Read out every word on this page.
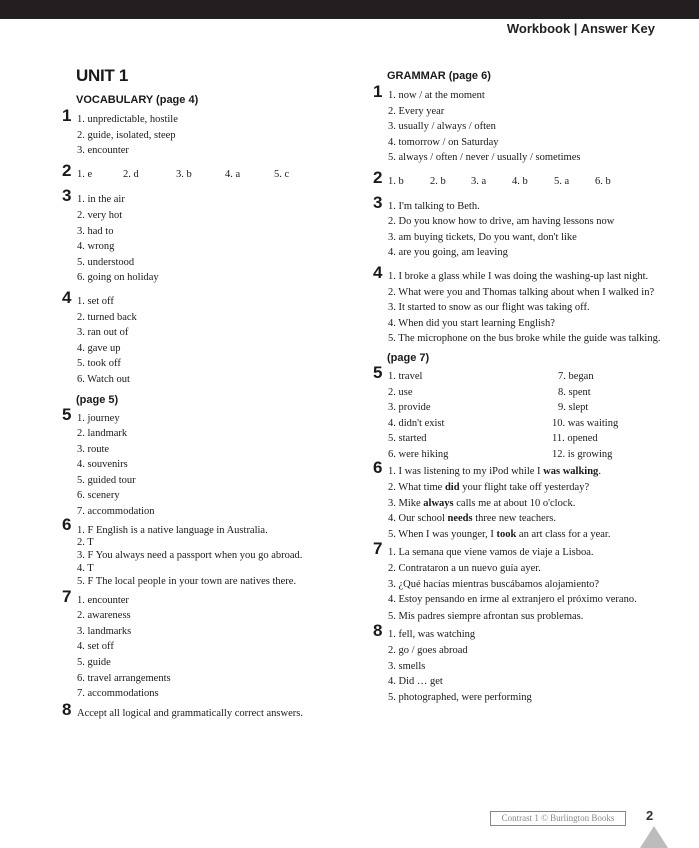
Workbook | Answer Key
UNIT 1
VOCABULARY (page 4)
1 1. unpredictable, hostile
2. guide, isolated, steep
3. encounter
2 1. e	2. d	3. b	4. a	5. c
3 1. in the air
2. very hot
3. had to
4. wrong
5. understood
6. going on holiday
4 1. set off
2. turned back
3. ran out of
4. gave up
5. took off
6. Watch out
(page 5)
5 1. journey
2. landmark
3. route
4. souvenirs
5. guided tour
6. scenery
7. accommodation
6 1. F English is a native language in Australia.
2. T
3. F You always need a passport when you go abroad.
4. T
5. F The local people in your town are natives there.
7 1. encounter
2. awareness
3. landmarks
4. set off
5. guide
6. travel arrangements
7. accommodations
8 Accept all logical and grammatically correct answers.
GRAMMAR (page 6)
1 1. now / at the moment
2. Every year
3. usually / always / often
4. tomorrow / on Saturday
5. always / often / never / usually / sometimes
2 1. b	2. b	3. a	4. b	5. a	6. b
3 1. I'm talking to Beth.
2. Do you know how to drive, am having lessons now
3. am buying tickets, Do you want, don't like
4. are you going, am leaving
4 1. I broke a glass while I was doing the washing-up last night.
2. What were you and Thomas talking about when I walked in?
3. It started to snow as our flight was taking off.
4. When did you start learning English?
5. The microphone on the bus broke while the guide was talking.
(page 7)
5 1. travel
2. use
3. provide
4. didn't exist
5. started
6. were hiking
7. began
8. spent
9. slept
10. was waiting
11. opened
12. is growing
6 1. I was listening to my iPod while I was walking.
2. What time did your flight take off yesterday?
3. Mike always calls me at about 10 o'clock.
4. Our school needs three new teachers.
5. When I was younger, I took an art class for a year.
7 1. La semana que viene vamos de viaje a Lisboa.
2. Contrataron a un nuevo guía ayer.
3. ¿Qué hacías mientras buscábamos alojamiento?
4. Estoy pensando en irme al extranjero el próximo verano.
5. Mis padres siempre afrontan sus problemas.
8 1. fell, was watching
2. go / goes abroad
3. smells
4. Did … get
5. photographed, were performing
Contrast 1 © Burlington Books	2
